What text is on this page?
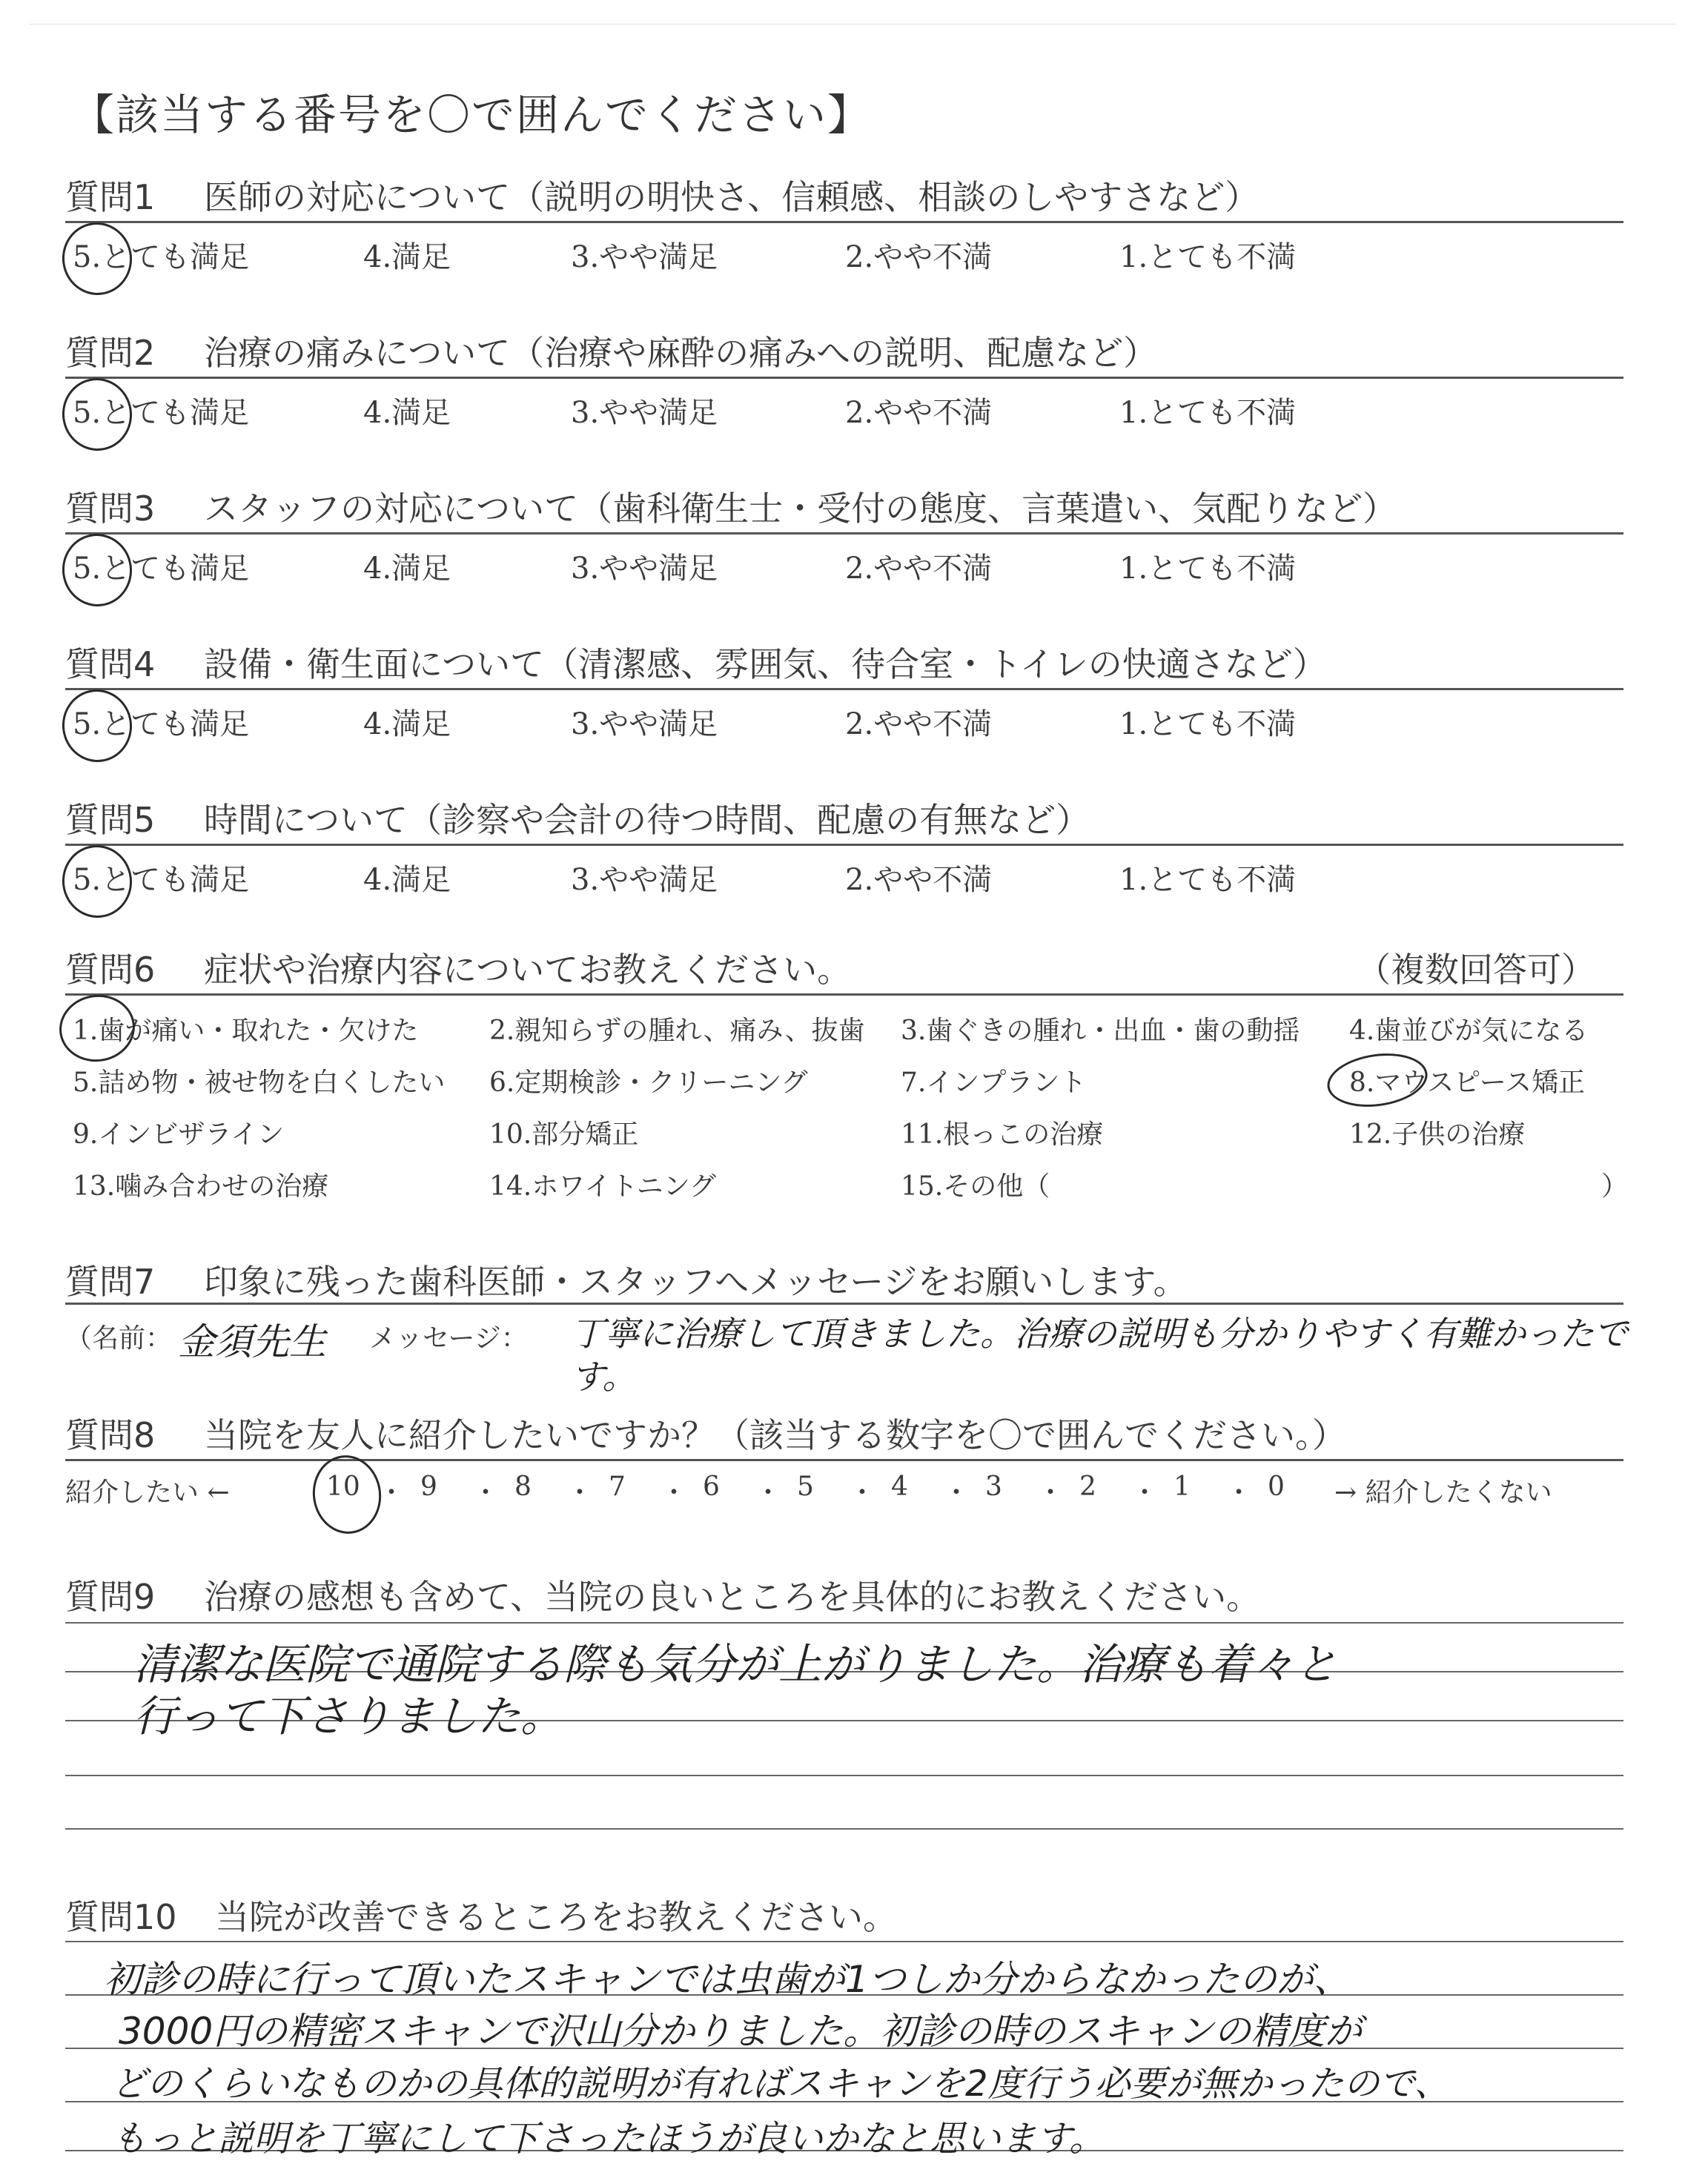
【該当する番号を〇で囲んでください】
質問1 医師の対応について（説明の明快さ、信頼感、相談のしやすさなど）
5.とても満足	4.満足	3.やや満足	2.やや不満	1.とても不満
質問2 治療の痛みについて（治療や麻酔の痛みへの説明、配慮など）
5.とても満足	4.満足	3.やや満足	2.やや不満	1.とても不満
質問3 スタッフの対応について（歯科衛生士・受付の態度、言葉遣い、気配りなど）
5.とても満足	4.満足	3.やや満足	2.やや不満	1.とても不満
質問4 設備・衛生面について（清潔感、雰囲気、待合室・トイレの快適さなど）
5.とても満足	4.満足	3.やや満足	2.やや不満	1.とても不満
質問5 時間について（診察や会計の待つ時間、配慮の有無など）
5.とても満足	4.満足	3.やや満足	2.やや不満	1.とても不満
質問6 症状や治療内容についてお教えください。	（複数回答可）
1.歯が痛い・取れた・欠けた	2.親知らずの腫れ、痛み、抜歯 3.歯ぐきの腫れ・出血・歯の動揺 4.歯並びが気になる
5.詰め物・被せ物を白くしたい 6.定期検診・クリーニング	7.インプラント	8.マウスピース矯正
9.インビザライン	10.部分矯正	11.根っこの治療	12.子供の治療
13.噛み合わせの治療	14.ホワイトニング	15.その他（	）
質問7 印象に残った歯科医師・スタッフへメッセージをお願いします。
（名前： 金須先生 メッセージ： 丁寧に治療して頂きました。治療の説明も分かりやすく有難かったです。
質問8 当院を友人に紹介したいですか？（該当する数字を〇で囲んでください。）
紹介したい ←	→ 紹介したくない
10 ・ 9 ・ 8 ・ 7 ・ 6 ・ 5 ・ 4 ・ 3 ・ 2 ・ 1 ・ 0
質問9 治療の感想も含めて、当院の良いところを具体的にお教えください。
清潔な医院で通院する際も気分が上がりました。治療も着々と
行って下さりました。
質問10 当院が改善できるところをお教えください。
初診の時に行って頂いたスキャンでは虫歯が1つしか分からなかったのが、
3000円の精密スキャンで沢山分かりました。初診の時のスキャンの精度が
どのくらいなものかの具体的説明が有ればスキャンを2度行う必要が無かったので、
もっと説明を丁寧にして下さったほうが良いかなと思います。
